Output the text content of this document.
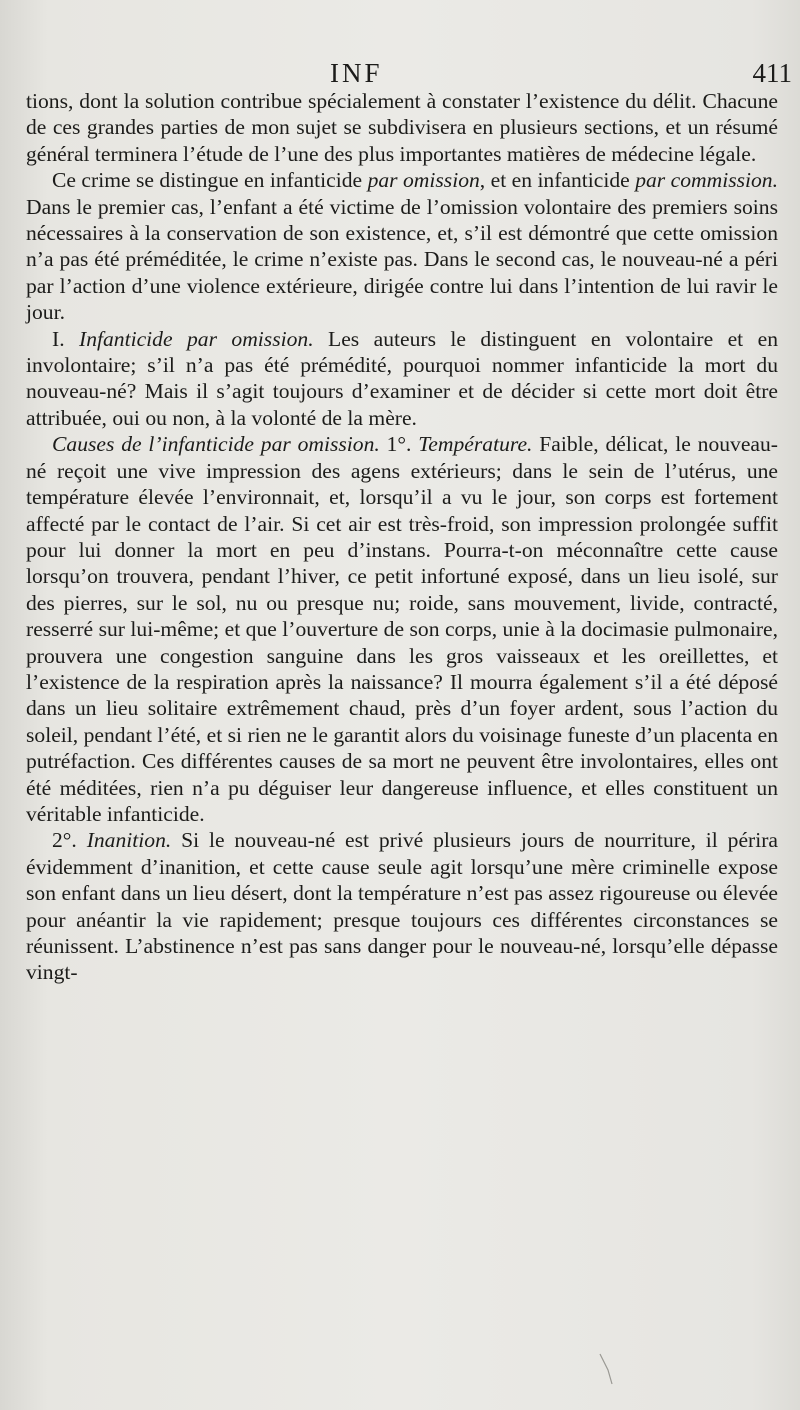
INF	411

tions, dont la solution contribue spécialement à constater l’existence du délit. Chacune de ces grandes parties de mon sujet se subdivisera en plusieurs sections, et un résumé général terminera l’étude de l’une des plus importantes matières de médecine légale.

Ce crime se distingue en infanticide par omission, et en infanticide par commission. Dans le premier cas, l’enfant a été victime de l’omission volontaire des premiers soins nécessaires à la conservation de son existence, et, s’il est démontré que cette omission n’a pas été préméditée, le crime n’existe pas. Dans le second cas, le nouveau-né a péri par l’action d’une violence extérieure, dirigée contre lui dans l’intention de lui ravir le jour.

I. Infanticide par omission. Les auteurs le distinguent en volontaire et en involontaire; s’il n’a pas été prémédité, pourquoi nommer infanticide la mort du nouveau-né? Mais il s’agit toujours d’examiner et de décider si cette mort doit être attribuée, oui ou non, à la volonté de la mère.

Causes de l’infanticide par omission. 1°. Température. Faible, délicat, le nouveau-né reçoit une vive impression des agens extérieurs; dans le sein de l’utérus, une température élevée l’environnait, et, lorsqu’il a vu le jour, son corps est fortement affecté par le contact de l’air. Si cet air est très-froid, son impression prolongée suffit pour lui donner la mort en peu d’instans. Pourra-t-on méconnaître cette cause lorsqu’on trouvera, pendant l’hiver, ce petit infortuné exposé, dans un lieu isolé, sur des pierres, sur le sol, nu ou presque nu; roide, sans mouvement, livide, contracté, resserré sur lui-même; et que l’ouverture de son corps, unie à la docimasie pulmonaire, prouvera une congestion sanguine dans les gros vaisseaux et les oreillettes, et l’existence de la respiration après la naissance? Il mourra également s’il a été déposé dans un lieu solitaire extrêmement chaud, près d’un foyer ardent, sous l’action du soleil, pendant l’été, et si rien ne le garantit alors du voisinage funeste d’un placenta en putréfaction. Ces différentes causes de sa mort ne peuvent être involontaires, elles ont été méditées, rien n’a pu déguiser leur dangereuse influence, et elles constituent un véritable infanticide.

2°. Inanition. Si le nouveau-né est privé plusieurs jours de nourriture, il périra évidemment d’inanition, et cette cause seule agit lorsqu’une mère criminelle expose son enfant dans un lieu désert, dont la température n’est pas assez rigoureuse ou élevée pour anéantir la vie rapidement; presque toujours ces différentes circonstances se réunissent. L’abstinence n’est pas sans danger pour le nouveau-né, lorsqu’elle dépasse vingt-
